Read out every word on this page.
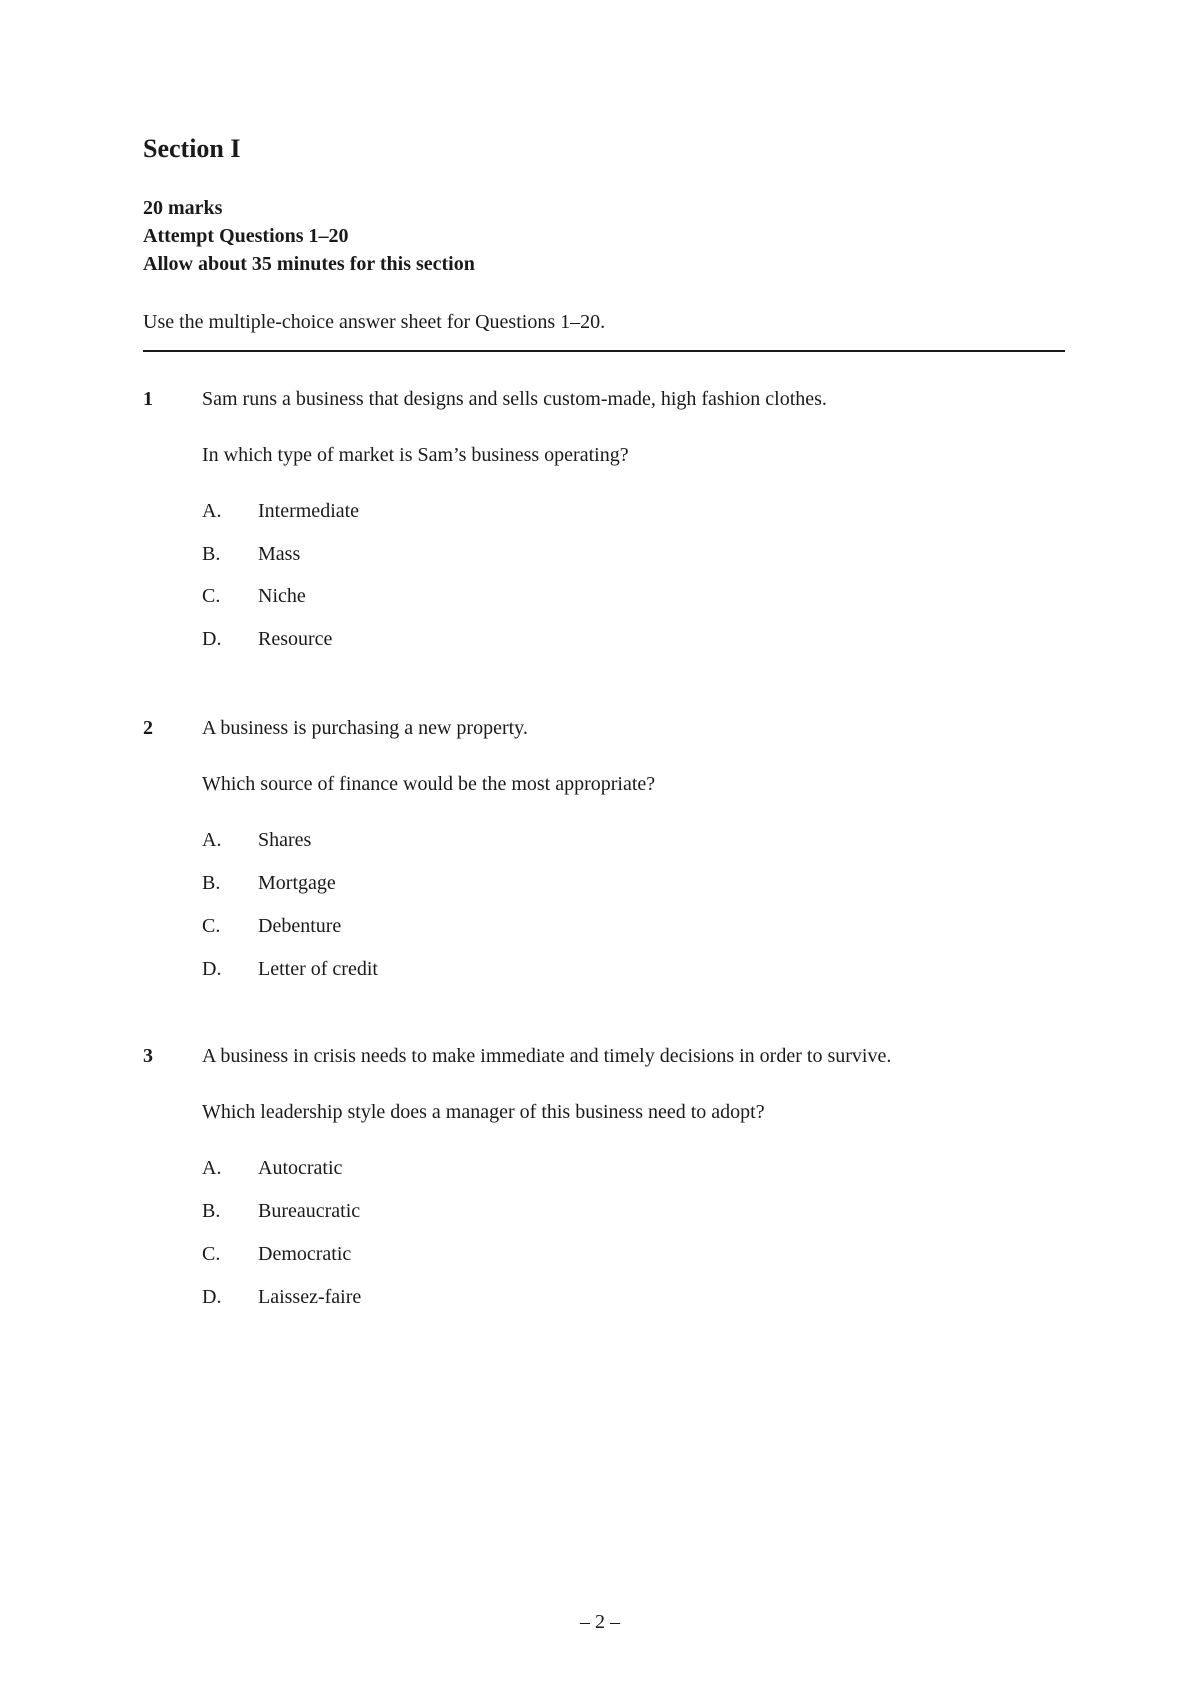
Section I
20 marks
Attempt Questions 1–20
Allow about 35 minutes for this section
Use the multiple-choice answer sheet for Questions 1–20.
1 Sam runs a business that designs and sells custom-made, high fashion clothes.
In which type of market is Sam’s business operating?
A. Intermediate
B. Mass
C. Niche
D. Resource
2 A business is purchasing a new property.
Which source of finance would be the most appropriate?
A. Shares
B. Mortgage
C. Debenture
D. Letter of credit
3 A business in crisis needs to make immediate and timely decisions in order to survive.
Which leadership style does a manager of this business need to adopt?
A. Autocratic
B. Bureaucratic
C. Democratic
D. Laissez-faire
– 2 –
